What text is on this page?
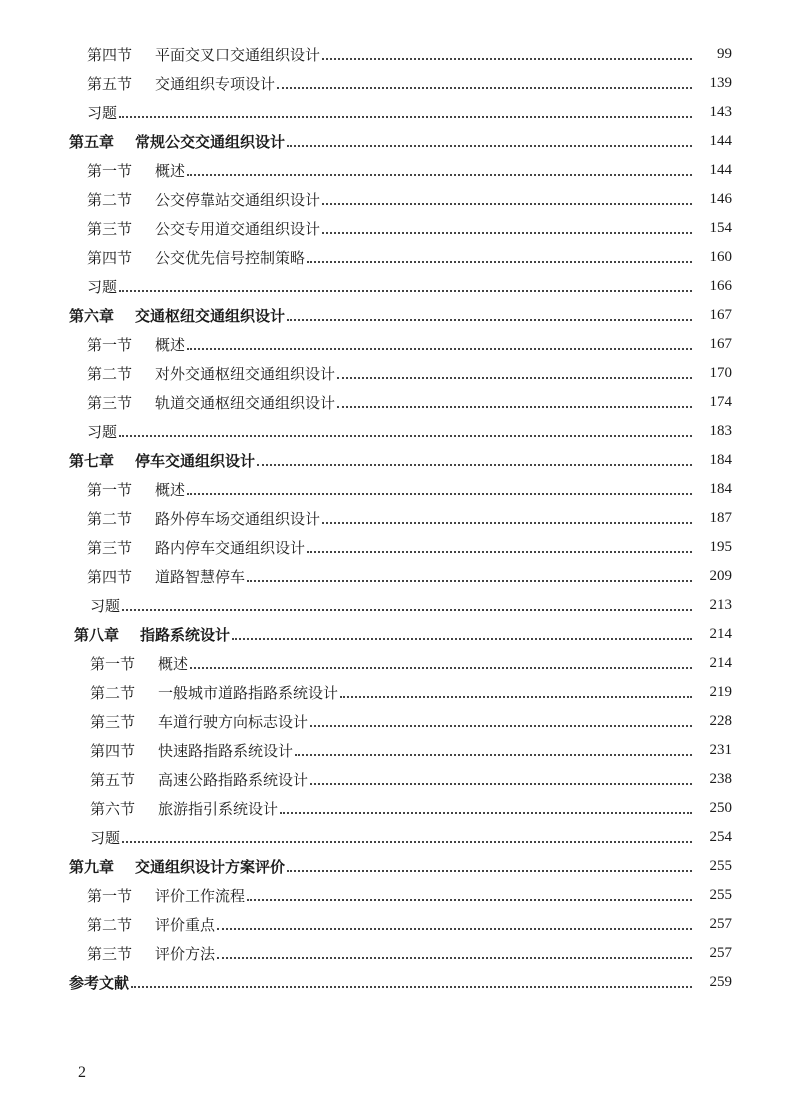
第四节	平面交叉口交通组织设计	99
第五节	交通组织专项设计	139
习题	143
第五章	常规公交交通组织设计	144
第一节	概述	144
第二节	公交停靠站交通组织设计	146
第三节	公交专用道交通组织设计	154
第四节	公交优先信号控制策略	160
习题	166
第六章	交通枢纽交通组织设计	167
第一节	概述	167
第二节	对外交通枢纽交通组织设计	170
第三节	轨道交通枢纽交通组织设计	174
习题	183
第七章	停车交通组织设计	184
第一节	概述	184
第二节	路外停车场交通组织设计	187
第三节	路内停车交通组织设计	195
第四节	道路智慧停车	209
习题	213
第八章	指路系统设计	214
第一节	概述	214
第二节	一般城市道路指路系统设计	219
第三节	车道行驶方向标志设计	228
第四节	快速路指路系统设计	231
第五节	高速公路指路系统设计	238
第六节	旅游指引系统设计	250
习题	254
第九章	交通组织设计方案评价	255
第一节	评价工作流程	255
第二节	评价重点	257
第三节	评价方法	257
参考文献	259
2
